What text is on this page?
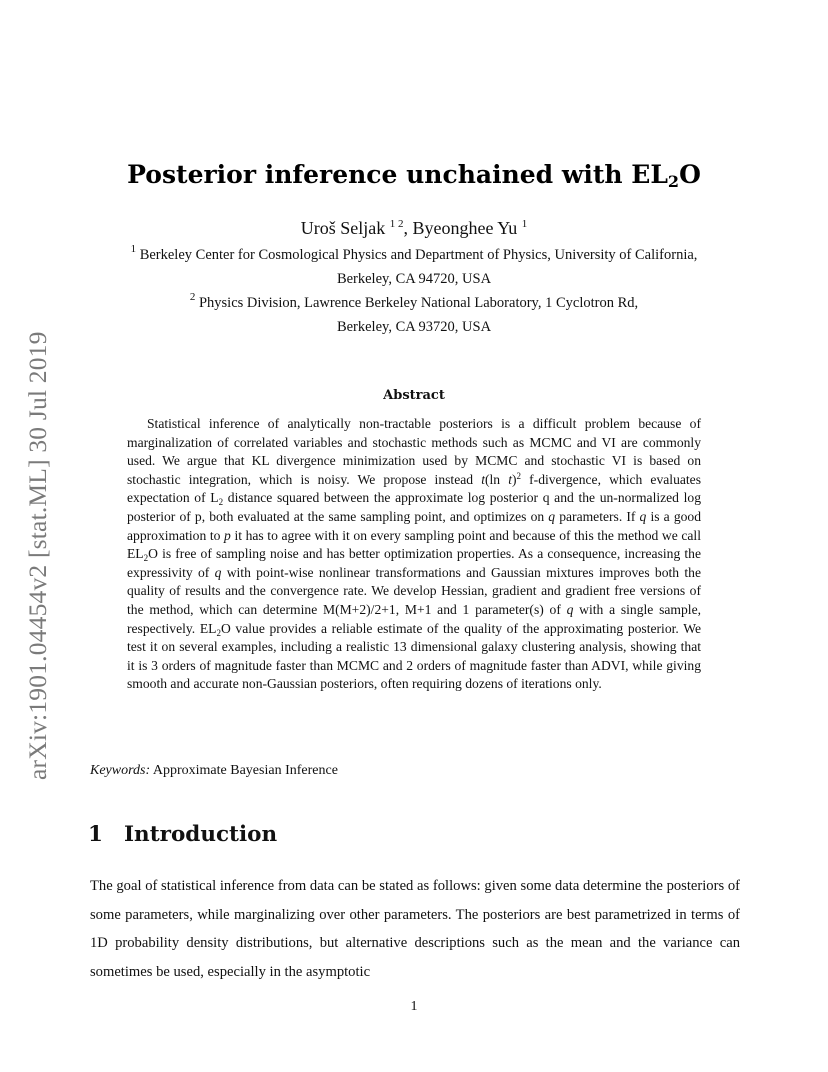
arXiv:1901.04454v2 [stat.ML] 30 Jul 2019
Posterior inference unchained with $EL_2O$
Uroš Seljak $^{1 2}$, Byeonghee Yu $^1$
$^1$ Berkeley Center for Cosmological Physics and Department of Physics, University of California,
Berkeley, CA 94720, USA
$^2$ Physics Division, Lawrence Berkeley National Laboratory, 1 Cyclotron Rd,
Berkeley, CA 93720, USA
Abstract

Statistical inference of analytically non-tractable posteriors is a difficult problem because of marginalization of correlated variables and stochastic methods such as MCMC and VI are commonly used. We argue that KL divergence minimization used by MCMC and stochastic VI is based on stochastic integration, which is noisy. We propose instead t(ln t)$^2$ f-divergence, which evaluates expectation of $L_2$ distance squared between the approximate log posterior q and the un-normalized log posterior of p, both evaluated at the same sampling point, and optimizes on q parameters. If q is a good approximation to p it has to agree with it on every sampling point and because of this the method we call $EL_2O$ is free of sampling noise and has better optimization properties. As a consequence, increasing the expressivity of q with point-wise nonlinear transformations and Gaussian mixtures improves both the quality of results and the convergence rate. We develop Hessian, gradient and gradient free versions of the method, which can determine M(M+2)/2+1, M+1 and 1 parameter(s) of q with a single sample, respectively. $EL_2O$ value provides a reliable estimate of the quality of the approximating posterior. We test it on several examples, including a realistic 13 dimensional galaxy clustering analysis, showing that it is 3 orders of magnitude faster than MCMC and 2 orders of magnitude faster than ADVI, while giving smooth and accurate non-Gaussian posteriors, often requiring dozens of iterations only.

Keywords: Approximate Bayesian Inference
1 Introduction

The goal of statistical inference from data can be stated as follows: given some data determine the posteriors of some parameters, while marginalizing over other parameters. The posteriors are best parametrized in terms of 1D probability density distributions, but alternative descriptions such as the mean and the variance can sometimes be used, especially in the asymptotic

1
